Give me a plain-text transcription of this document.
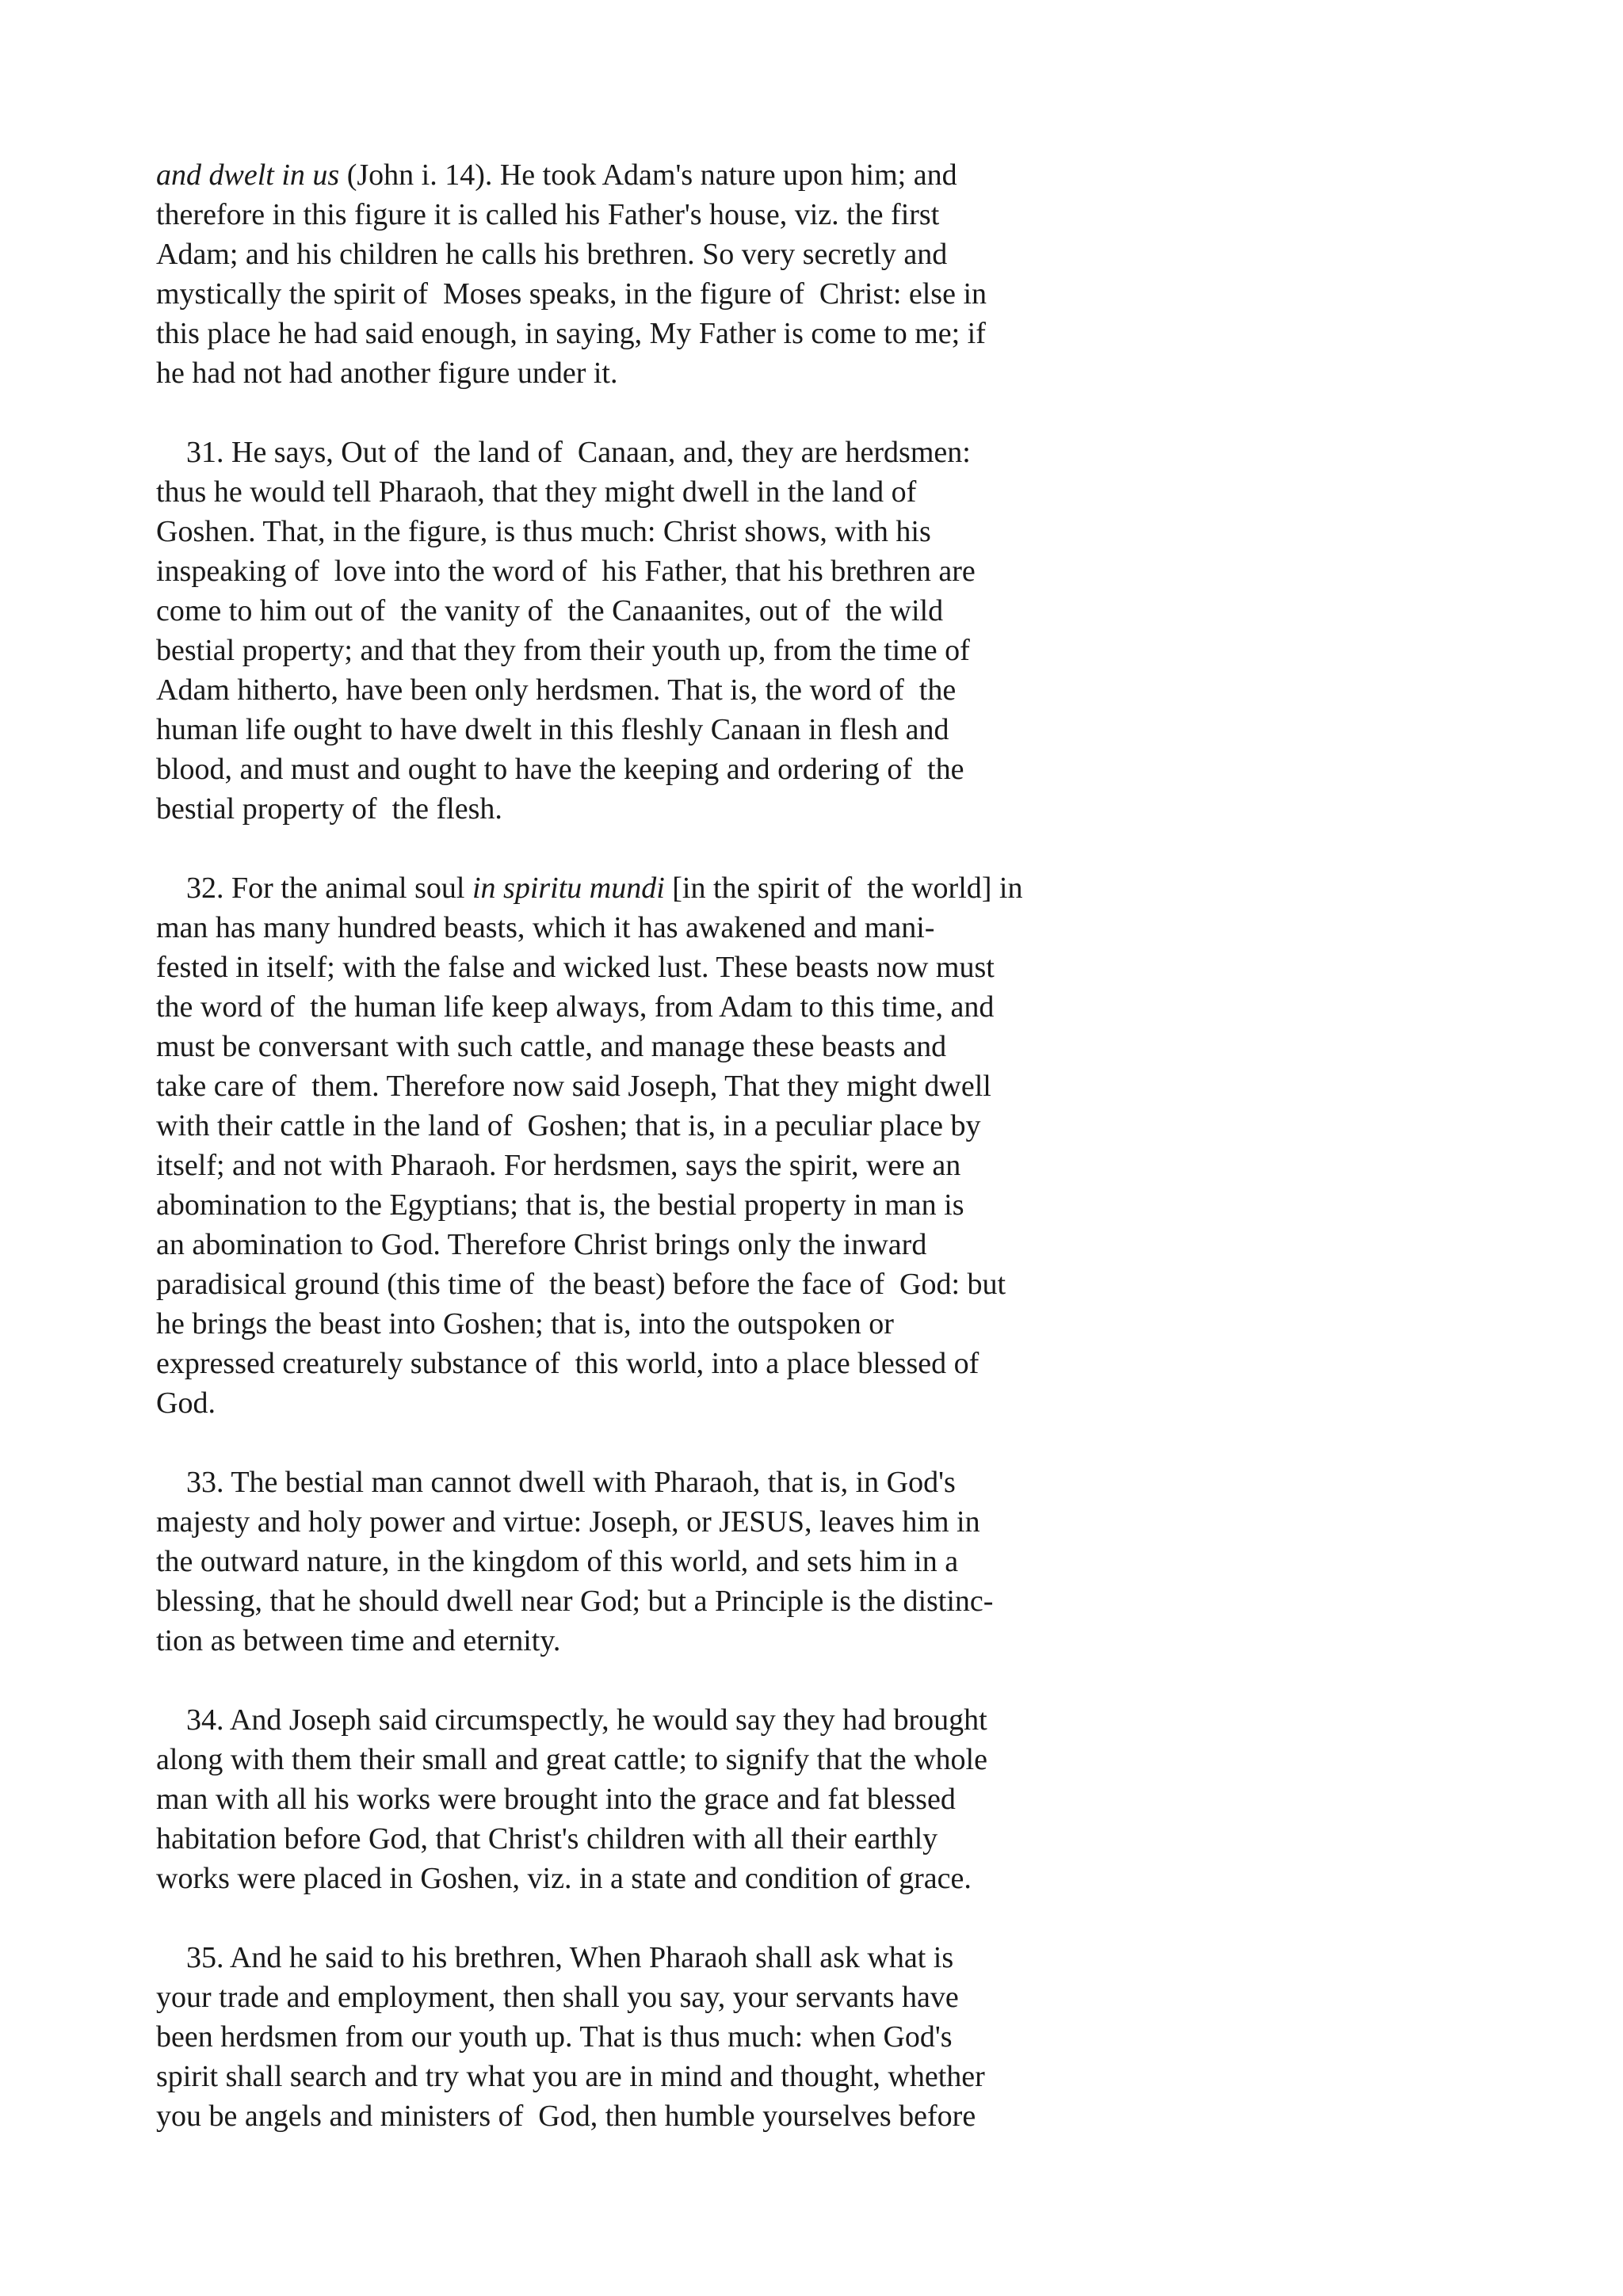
and dwelt in us (John i. 14). He took Adam's nature upon him; and
therefore in this figure it is called his Father's house, viz. the first
Adam; and his children he calls his brethren. So very secretly and
mystically the spirit of  Moses speaks, in the figure of  Christ: else in
this place he had said enough, in saying, My Father is come to me; if
he had not had another figure under it.
31. He says, Out of  the land of  Canaan, and, they are herdsmen:
thus he would tell Pharaoh, that they might dwell in the land of
Goshen. That, in the figure, is thus much: Christ shows, with his
inspeaking of  love into the word of  his Father, that his brethren are
come to him out of  the vanity of  the Canaanites, out of  the wild
bestial property; and that they from their youth up, from the time of
Adam hitherto, have been only herdsmen. That is, the word of  the
human life ought to have dwelt in this fleshly Canaan in flesh and
blood, and must and ought to have the keeping and ordering of  the
bestial property of  the flesh.
32. For the animal soul in spiritu mundi [in the spirit of  the world] in
man has many hundred beasts, which it has awakened and mani-
fested in itself; with the false and wicked lust. These beasts now must
the word of  the human life keep always, from Adam to this time, and
must be conversant with such cattle, and manage these beasts and
take care of  them. Therefore now said Joseph, That they might dwell
with their cattle in the land of  Goshen; that is, in a peculiar place by
itself; and not with Pharaoh. For herdsmen, says the spirit, were an
abomination to the Egyptians; that is, the bestial property in man is
an abomination to God. Therefore Christ brings only the inward
paradisical ground (this time of  the beast) before the face of  God: but
he brings the beast into Goshen; that is, into the outspoken or
expressed creaturely substance of  this world, into a place blessed of
God.
33. The bestial man cannot dwell with Pharaoh, that is, in God's
majesty and holy power and virtue: Joseph, or JESUS, leaves him in
the outward nature, in the kingdom of this world, and sets him in a
blessing, that he should dwell near God; but a Principle is the distinc-
tion as between time and eternity.
34. And Joseph said circumspectly, he would say they had brought
along with them their small and great cattle; to signify that the whole
man with all his works were brought into the grace and fat blessed
habitation before God, that Christ's children with all their earthly
works were placed in Goshen, viz. in a state and condition of grace.
35. And he said to his brethren, When Pharaoh shall ask what is
your trade and employment, then shall you say, your servants have
been herdsmen from our youth up. That is thus much: when God's
spirit shall search and try what you are in mind and thought, whether
you be angels and ministers of  God, then humble yourselves before
